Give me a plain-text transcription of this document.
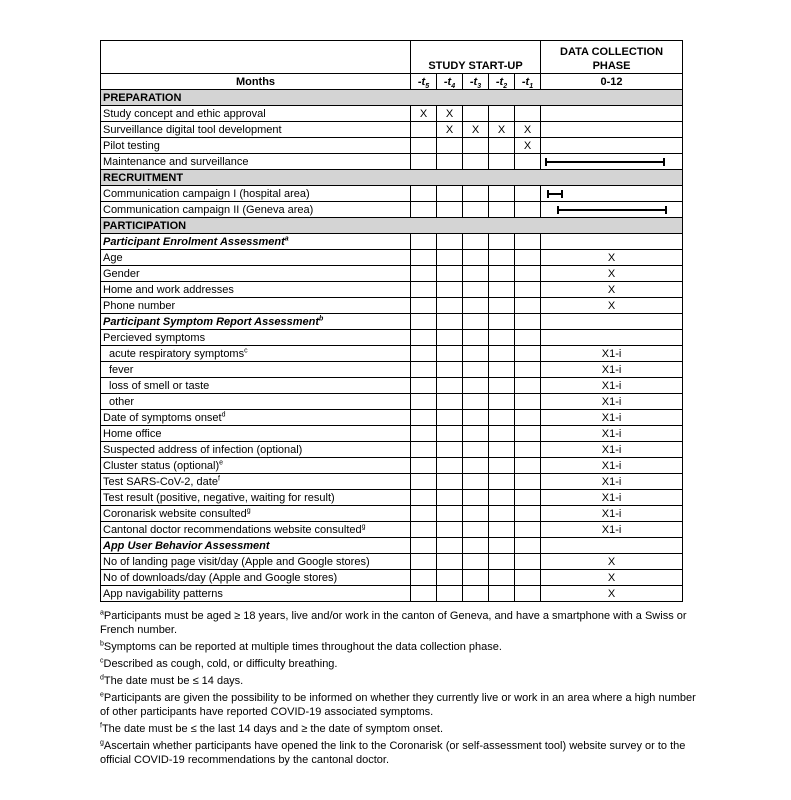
	STUDY START-UP					DATA COLLECTION PHASE
Months	$-t_5$	$-t_4$	$-t_3$	$-t_2$	$-t_1$	0-12
PREPARATION						
Study concept and ethic approval	X	X				
Surveillance digital tool development		X	X	X	X	
Pilot testing					X	
Maintenance and surveillance						

RECRUITMENT						
Communication campaign I (hospital area)						

Communication campaign II (Geneva area)						

PARTICIPATION						
Participant Enrolment Assessment$^a$						
Age						X
Gender						X
Home and work addresses						X
Phone number						X
Participant Symptom Report Assessment$^b$						
Percieved symptoms						
acute respiratory symptoms$^c$						X1-i
fever						X1-i
loss of smell or taste						X1-i
other						X1-i
Date of symptoms onset$^d$						X1-i
Home office						X1-i
Suspected address of infection (optional)						X1-i
Cluster status (optional)$^e$						X1-i
Test SARS-CoV-2, date$^f$						X1-i
Test result (positive, negative, waiting for result)						X1-i
Coronarisk website consulted$^g$						X1-i
Cantonal doctor recommendations website consulted$^g$						X1-i
App User Behavior Assessment						
No of landing page visit/day (Apple and Google stores)						X
No of downloads/day (Apple and Google stores)						X
App navigability patterns						X

$^a$Participants must be aged ≥ 18 years, live and/or work in the canton of Geneva, and have a smartphone with a Swiss or French number.

$^b$Symptoms can be reported at multiple times throughout the data collection phase.

$^c$Described as cough, cold, or difficulty breathing.

$^d$The date must be ≤ 14 days.

$^e$Participants are given the possibility to be informed on whether they currently live or work in an area where a high number of other participants have reported COVID-19 associated symptoms.

$^f$The date must be ≤ the last 14 days and ≥ the date of symptom onset.

$^g$Ascertain whether participants have opened the link to the Coronarisk (or self-assessment tool) website survey or to the official COVID-19 recommendations by the cantonal doctor.
